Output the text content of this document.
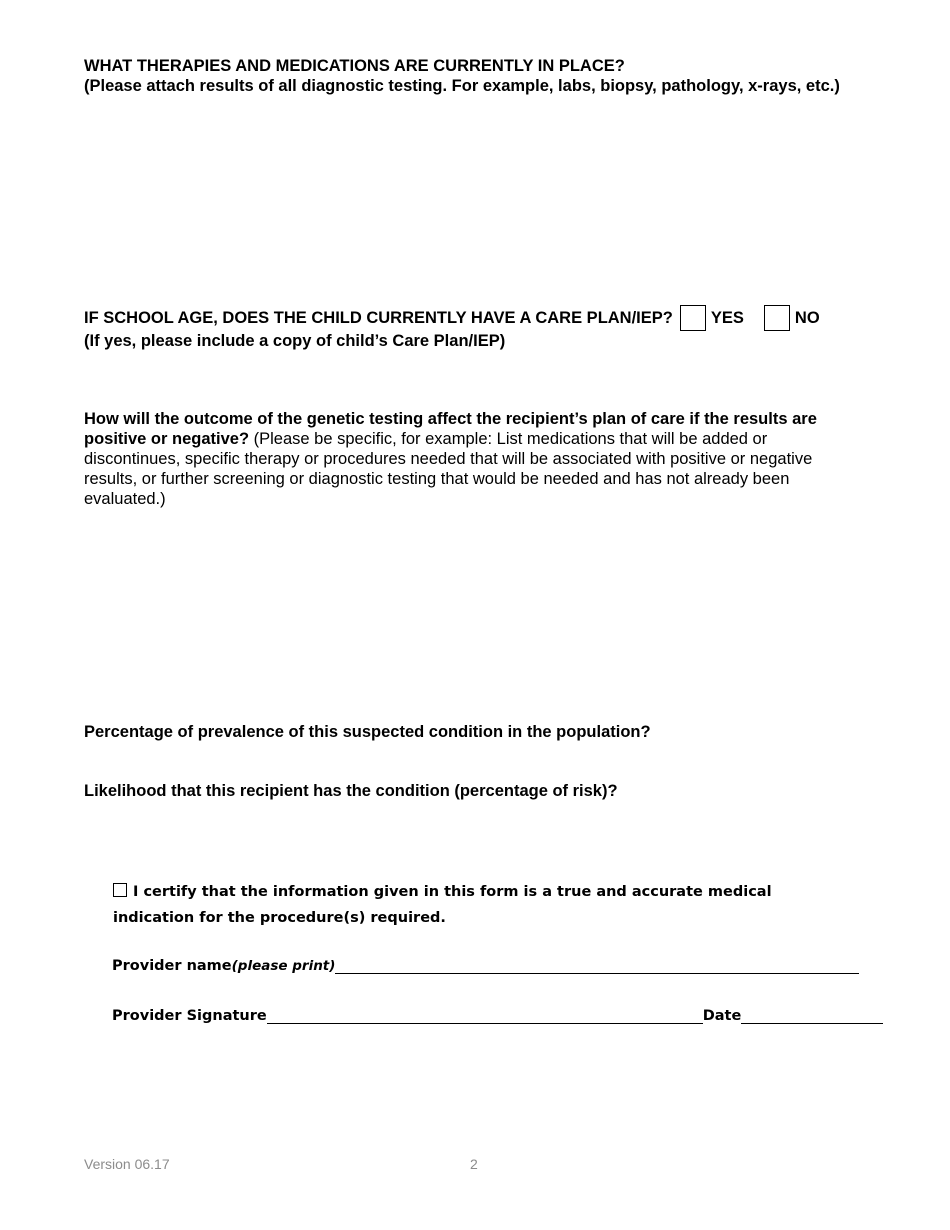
WHAT THERAPIES AND MEDICATIONS ARE CURRENTLY IN PLACE?
(Please attach results of all diagnostic testing. For example, labs, biopsy, pathology, x-rays, etc.)
IF SCHOOL AGE, DOES THE CHILD CURRENTLY HAVE A CARE PLAN/IEP? YES	NO
(If yes, please include a copy of child’s Care Plan/IEP)
How will the outcome of the genetic testing affect the recipient’s plan of care if the results are positive or negative? (Please be specific, for example: List medications that will be added or discontinues, specific therapy or procedures needed that will be associated with positive or negative results, or further screening or diagnostic testing that would be needed and has not already been evaluated.)
Percentage of prevalence of this suspected condition in the population?
Likelihood that this recipient has the condition (percentage of risk)?
I certify that the information given in this form is a true and accurate medical indication for the procedure(s) required.
Provider name (please print)
Provider Signature	Date
Version 06.17	2
